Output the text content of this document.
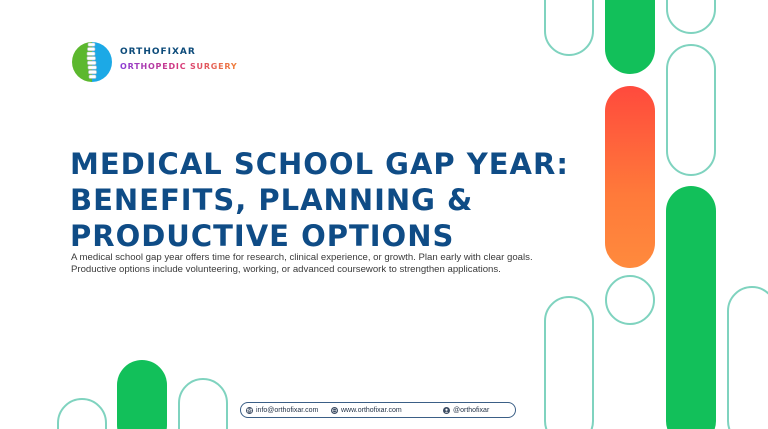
ORTHOFIXAR
ORTHOPEDIC SURGERY
MEDICAL SCHOOL GAP YEAR:
BENEFITS, PLANNING &
PRODUCTIVE OPTIONS

A medical school gap year offers time for research, clinical experience, or growth. Plan early with clear goals. Productive options include volunteering, working, or advanced coursework to strengthen applications.

info@orthofixar.com	www.orthofixar.com	@orthofixar
